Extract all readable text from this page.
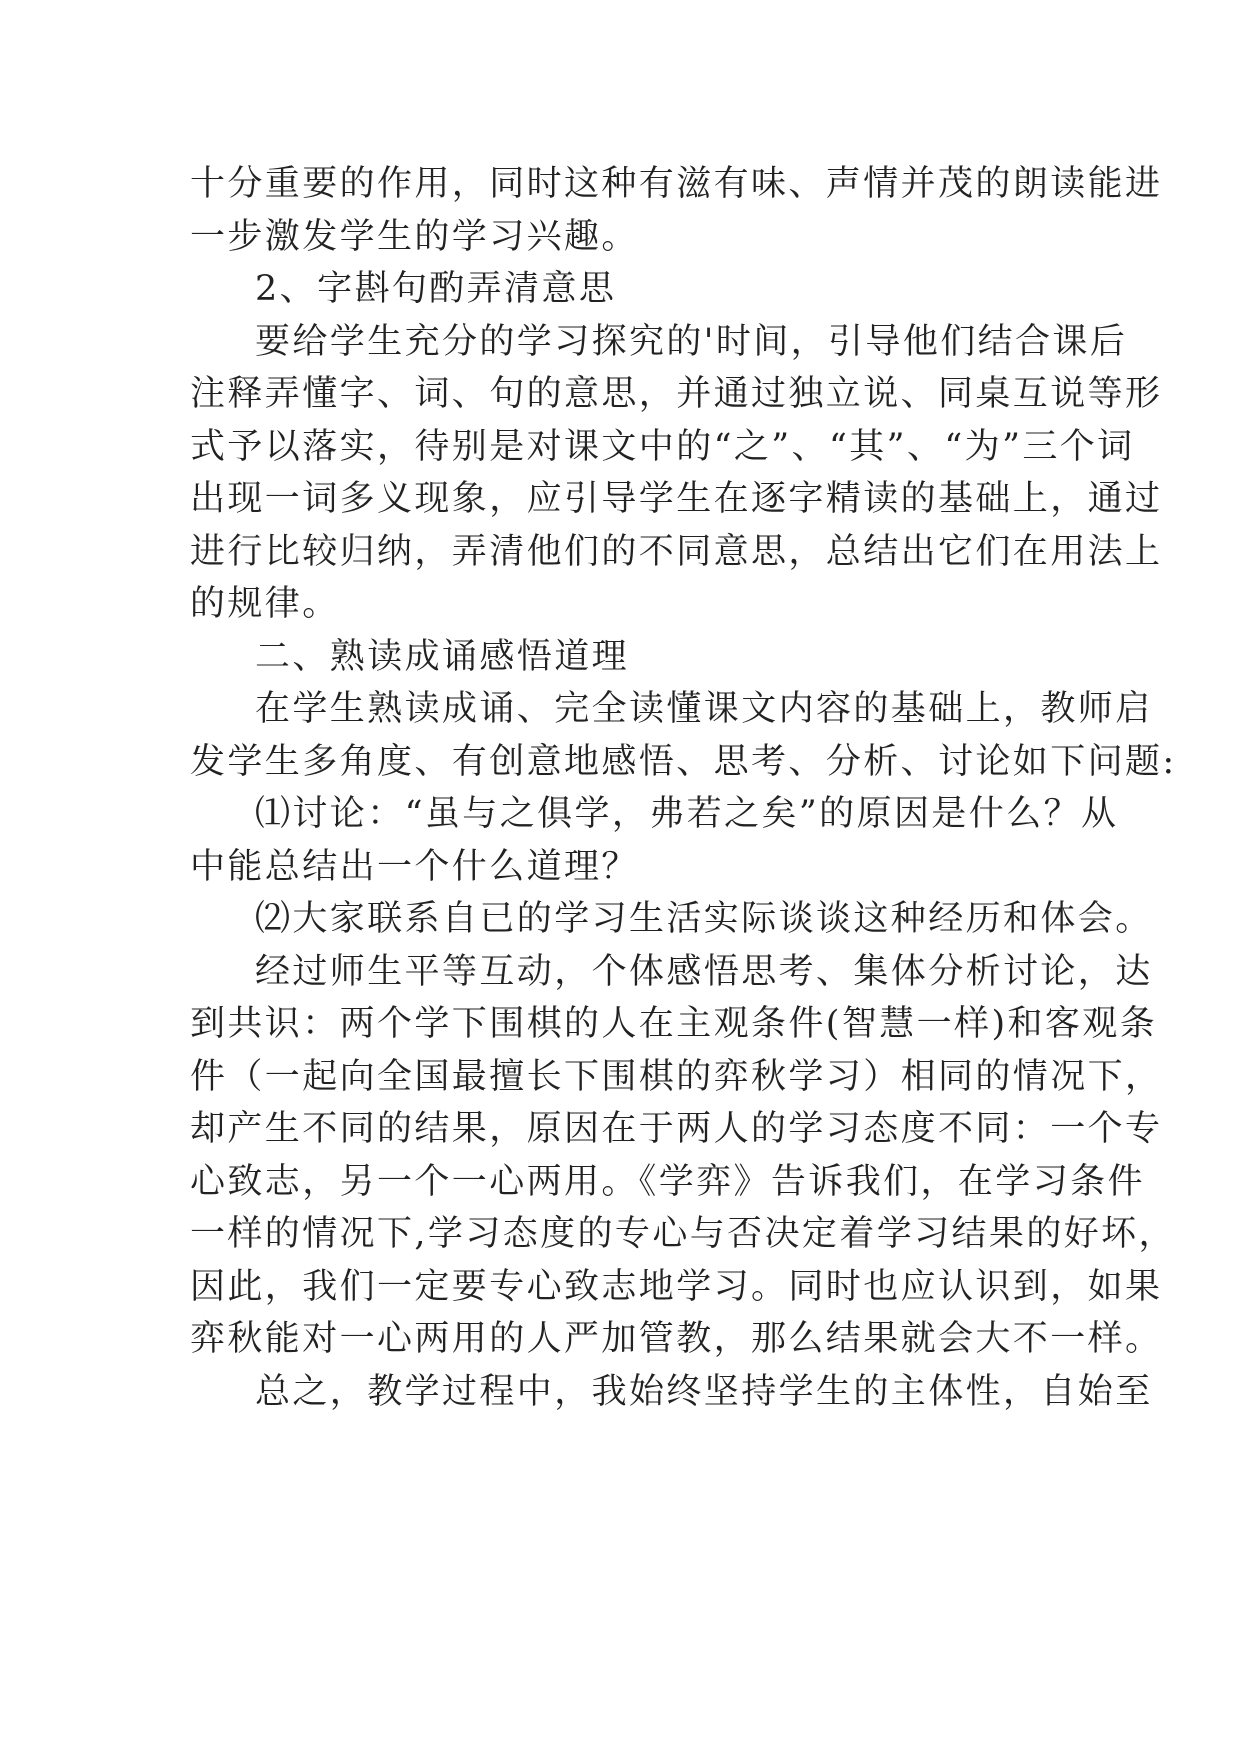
十分重要的作用，同时这种有滋有味、声情并茂的朗读能进
一步激发学生的学习兴趣。
2、字斟句酌弄清意思
要给学生充分的学习探究的'时间，引导他们结合课后
注释弄懂字、词、句的意思，并通过独立说、同桌互说等形
式予以落实，待别是对课文中的“之”、“其”、“为”三个词
出现一词多义现象，应引导学生在逐字精读的基础上，通过
进行比较归纳，弄清他们的不同意思，总结出它们在用法上
的规律。
二、熟读成诵感悟道理
在学生熟读成诵、完全读懂课文内容的基础上，教师启
发学生多角度、有创意地感悟、思考、分析、讨论如下问题:
⑴讨论：“虽与之俱学，弗若之矣”的原因是什么？从
中能总结出一个什么道理？
⑵大家联系自已的学习生活实际谈谈这种经历和体会。
经过师生平等互动，个体感悟思考、集体分析讨论，达
到共识：两个学下围棋的人在主观条件(智慧一样)和客观条
件（一起向全国最擅长下围棋的弈秋学习）相同的情况下，
却产生不同的结果，原因在于两人的学习态度不同：一个专
心致志，另一个一心两用。《学弈》告诉我们，在学习条件
一样的情况下,学习态度的专心与否决定着学习结果的好坏，
因此，我们一定要专心致志地学习。同时也应认识到，如果
弈秋能对一心两用的人严加管教，那么结果就会大不一样。
总之，教学过程中，我始终坚持学生的主体性，自始至
